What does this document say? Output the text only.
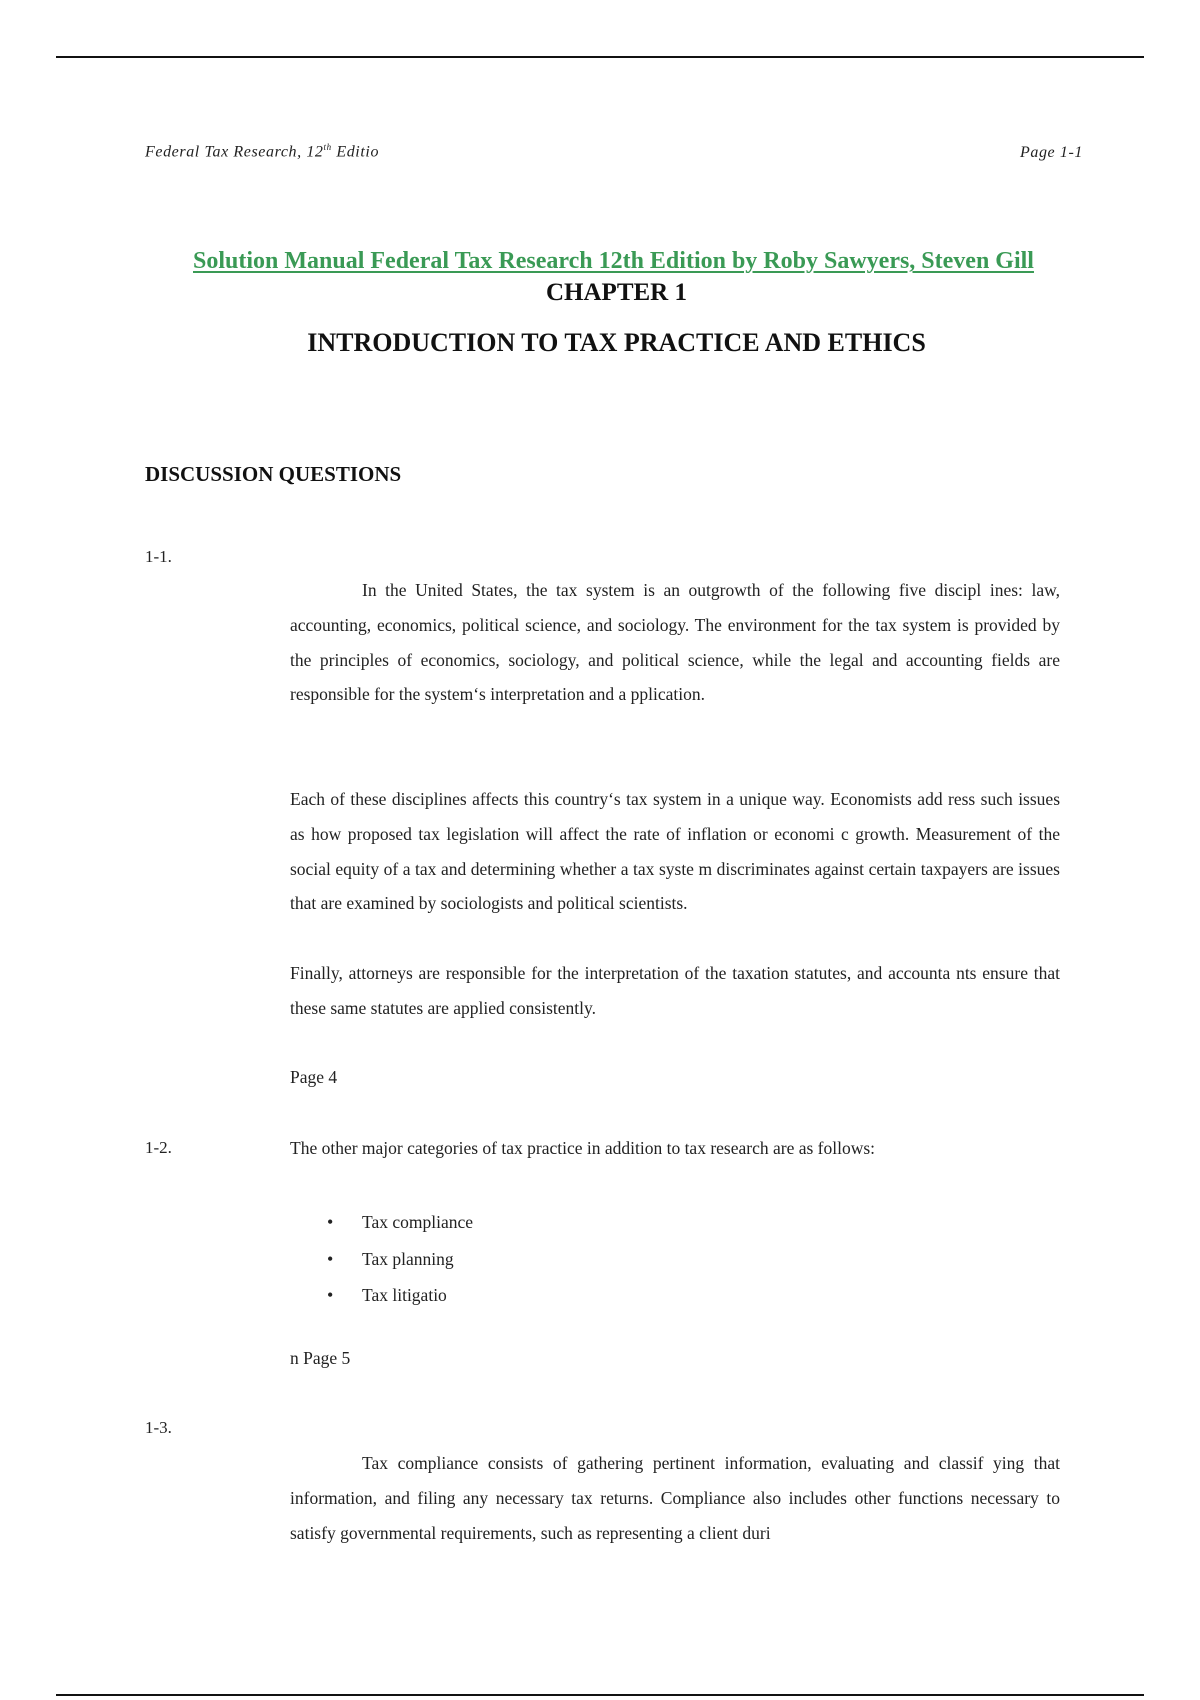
Federal Tax Research, 12th Editio	Page 1-1
Solution Manual Federal Tax Research 12th Edition by Roby Sawyers, Steven Gill
CHAPTER 1
INTRODUCTION TO TAX PRACTICE AND ETHICS
DISCUSSION QUESTIONS
1-1.

In the United States, the tax system is an outgrowth of the following five discipl ines: law, accounting, economics, political science, and sociology. The environment for the tax system is provided by the principles of economics, sociology, and political science, while the legal and accounting fields are responsible for the system‘s interpretation and a pplication.

Each of these disciplines affects this country‘s tax system in a unique way. Economists add ress such issues as how proposed tax legislation will affect the rate of inflation or economi c growth. Measurement of the social equity of a tax and determining whether a tax syste m discriminates against certain taxpayers are issues that are examined by sociologists and political scientists.

Finally, attorneys are responsible for the interpretation of the taxation statutes, and accounta nts ensure that these same statutes are applied consistently.

Page 4
1-2.	The other major categories of tax practice in addition to tax research are as follows:
• Tax compliance
• Tax planning
• Tax litigatio
n Page 5
1-3.

Tax compliance consists of gathering pertinent information, evaluating and classif ying that information, and filing any necessary tax returns. Compliance also includes other functions necessary to satisfy governmental requirements, such as representing a client duri
